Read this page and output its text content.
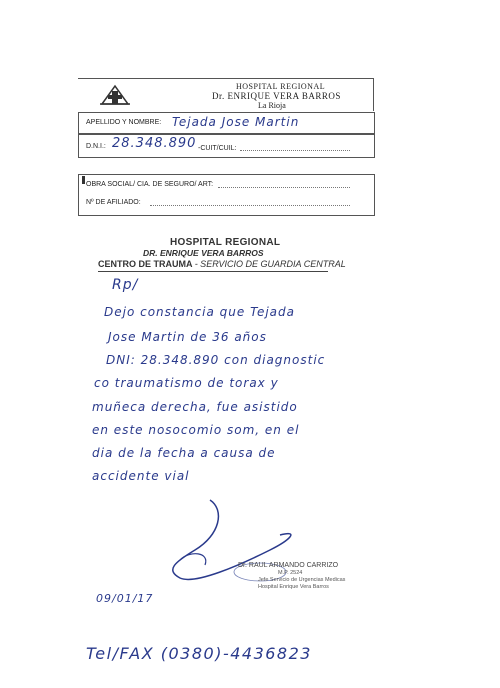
HOSPITAL REGIONAL
Dr. ENRIQUE VERA BARROS
La Rioja
APELLIDO Y NOMBRE: Tejada Jose Martin
D.N.I.: 28.348.890 -CUIT/CUIL:
OBRA SOCIAL/ CIA. DE SEGURO/ ART:
Nº DE AFILIADO:
HOSPITAL REGIONAL
DR. ENRIQUE VERA BARROS
CENTRO DE TRAUMA - SERVICIO DE GUARDIA CENTRAL
Rp/
Dejo constancia que Tejada
Jose Martin de 36 años
DNI: 28.348.890 con diagnostic
co traumatismo de torax y
muñeca derecha, fue asistido
en este nosocomio som, en el
dia de la fecha a causa de
accidente vial
Dr. RAUL ARMANDO CARRIZO
M.P. 2524
Jefe Servicio de Urgencias Medicas
Hospital Enrique Vera Barros
09/01/17
Tel/FAX (0380)-4436823
